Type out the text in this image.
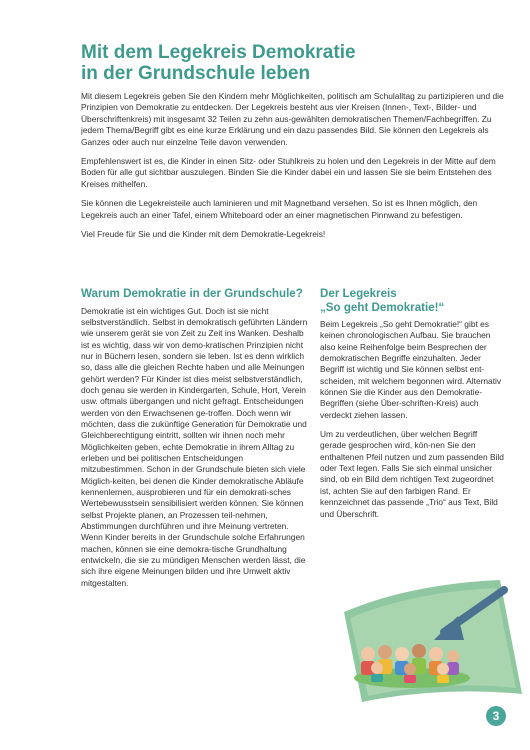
Mit dem Legekreis Demokratie
in der Grundschule leben

Mit diesem Legekreis geben Sie den Kindern mehr Möglichkeiten, politisch am Schulalltag zu partizipieren und die Prinzipien von Demokratie zu entdecken. Der Legekreis besteht aus vier Kreisen (Innen-, Text-, Bilder- und Überschriftenkreis) mit insgesamt 32 Teilen zu zehn aus-gewählten demokratischen Themen/Fachbegriffen. Zu jedem Thema/Begriff gibt es eine kurze Erklärung und ein dazu passendes Bild. Sie können den Legekreis als Ganzes oder auch nur einzelne Teile davon verwenden.

Empfehlenswert ist es, die Kinder in einen Sitz- oder Stuhlkreis zu holen und den Legekreis in der Mitte auf dem Boden für alle gut sichtbar auszulegen. Binden Sie die Kinder dabei ein und lassen Sie sie beim Entstehen des Kreises mithelfen.

Sie können die Legekreisteile auch laminieren und mit Magnetband versehen. So ist es Ihnen möglich, den Legekreis auch an einer Tafel, einem Whiteboard oder an einer magnetischen Pinnwand zu befestigen.

Viel Freude für Sie und die Kinder mit dem Demokratie-Legekreis!

Warum Demokratie in der Grundschule?

Demokratie ist ein wichtiges Gut. Doch ist sie nicht selbstverständlich. Selbst in demokratisch geführten Ländern wie unserem gerät sie von Zeit zu Zeit ins Wanken. Deshalb ist es wichtig, dass wir von demo-kratischen Prinzipien nicht nur in Büchern lesen, sondern sie leben. Ist es denn wirklich so, dass alle die gleichen Rechte haben und alle Meinungen gehört werden? Für Kinder ist dies meist selbstverständlich, doch genau sie werden in Kindergarten, Schule, Hort, Verein usw. oftmals übergangen und nicht gefragt. Entscheidungen werden von den Erwachsenen ge-troffen. Doch wenn wir möchten, dass die zukünftige Generation für Demokratie und Gleichberechtigung eintritt, sollten wir ihnen noch mehr Möglichkeiten geben, echte Demokratie in ihrem Alltag zu erleben und bei politischen Entscheidungen mitzubestimmen. Schon in der Grundschule bieten sich viele Möglich-keiten, bei denen die Kinder demokratische Abläufe kennenlernen, ausprobieren und für ein demokrati-sches Wertebewusstsein sensibilisiert werden können. Sie können selbst Projekte planen, an Prozessen teil-nehmen, Abstimmungen durchführen und ihre Meinung vertreten. Wenn Kinder bereits in der Grundschule solche Erfahrungen machen, können sie eine demokra-tische Grundhaltung entwickeln, die sie zu mündigen Menschen werden lässt, die sich ihre eigene Meinungen bilden und ihre Umwelt aktiv mitgestalten.

Der Legekreis
„So geht Demokratie!“

Beim Legekreis „So geht Demokratie!“ gibt es keinen chronologischen Aufbau. Sie brauchen also keine Reihenfolge beim Besprechen der demokratischen Begriffe einzuhalten. Jeder Begriff ist wichtig und Sie können selbst ent-scheiden, mit welchem begonnen wird. Alternativ können Sie die Kinder aus den Demokratie-Begriffen (siehe Über-schriften-Kreis) auch verdeckt ziehen lassen.

Um zu verdeutlichen, über welchen Begriff gerade gesprochen wird, kön-nen Sie den enthaltenen Pfeil nutzen und zum passenden Bild oder Text legen. Falls Sie sich einmal unsicher sind, ob ein Bild dem richtigen Text zugeordnet ist, achten Sie auf den farbigen Rand. Er kennzeichnet das passende „Trio“ aus Text, Bild und Überschrift.

3
